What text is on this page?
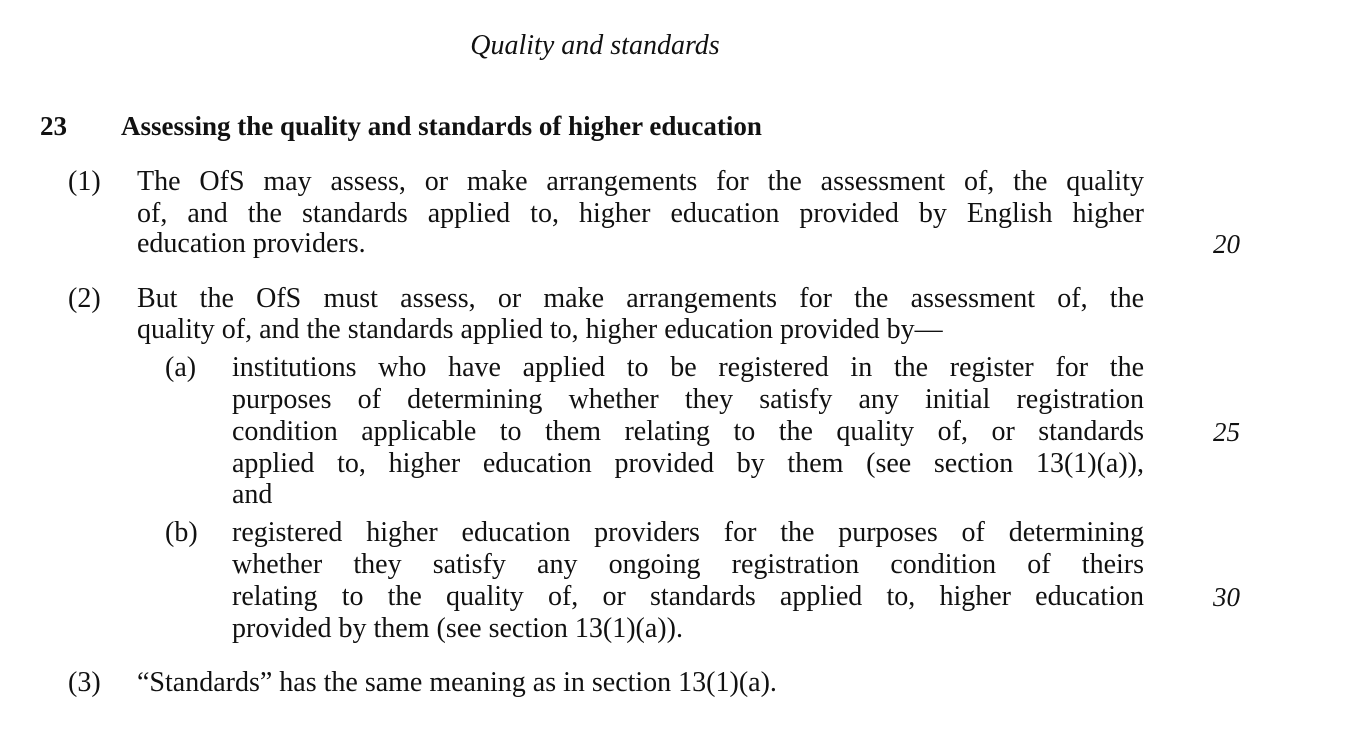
Quality and standards
23 Assessing the quality and standards of higher education
(1) The OfS may assess, or make arrangements for the assessment of, the quality
of, and the standards applied to, higher education provided by English higher
education providers.	20
(2) But the OfS must assess, or make arrangements for the assessment of, the
quality of, and the standards applied to, higher education provided by—
(a) institutions who have applied to be registered in the register for the
purposes of determining whether they satisfy any initial registration
condition applicable to them relating to the quality of, or standards	25
applied to, higher education provided by them (see section 13(1)(a)),
and
(b) registered higher education providers for the purposes of determining
whether they satisfy any ongoing registration condition of theirs
relating to the quality of, or standards applied to, higher education	30
provided by them (see section 13(1)(a)).
(3) “Standards” has the same meaning as in section 13(1)(a).
